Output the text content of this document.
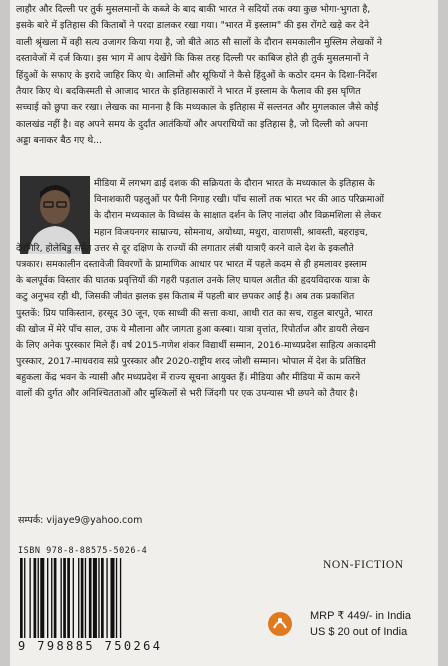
लाहौर और दिल्ली पर तुर्क मुसलमानों के कब्जे के बाद बाकी भारत ने सदियों तक क्या कुछ भोगा-भुगता है,
इसके बारे में इतिहास की किताबों ने परदा डालकर रखा गया। "भारत में इस्लाम" की इस रोंगटे खड़े कर देने
वाली श्रृंखला में वही सत्य उजागर किया गया है, जो बीते आठ सौ सालों के दौरान समकालीन मुस्लिम लेखकों ने
दस्तावेजों में दर्ज किया। इस भाग में आप देखेंगे कि किस तरह दिल्ली पर काबिज होते ही तुर्क मुसलमानों ने
हिंदुओं के सफाए के इरादे जाहिर किए थे। आलिमों और सूफियों ने कैसे हिंदुओं के कठोर दमन के दिशा-निर्देश
तैयार किए थे। बदकिस्मती से आजाद भारत के इतिहासकारों ने भारत में इस्लाम के फैलाव की इस घृणित
सच्चाई को छुपा कर रखा। लेखक का मानना है कि मध्यकाल के इतिहास में सल्तनत और मुगलकाल जैसे कोई
कालखंड नहीं है। वह अपने समय के दुर्दांत आतंकियों और अपराधियों का इतिहास है, जो दिल्ली को अपना
अड्डा बनाकर बैठ गए थे...
मीडिया में लगभग ढाई दशक की सक्रियता के दौरान भारत के मध्यकाल के इतिहास के
विनाशकारी पहलुओं पर पैनी निगाह रखी। पाँच सालों तक भारत भर की आठ परिक्रमाओं
के दौरान मध्यकाल के विध्वंस के साक्षात दर्शन के लिए नालंदा और विक्रमशिला से लेकर
महान विजयनगर साम्राज्य, सोमनाथ, अयोध्या, मथुरा, वाराणसी, श्रावस्ती, बहराइच,
देवगिरि, होलेबिडु समेत उत्तर से दूर दक्षिण के राज्यों की लगातार लंबी यात्राएँ करने वाले देश के इकलौते
पत्रकार। समकालीन दस्तावेजी विवरणों के प्रामाणिक आधार पर भारत में पहले कदम से ही हमलावर इस्लाम
के बलपूर्वक विस्तार की घातक प्रवृत्तियों की गहरी पड़ताल उनके लिए घायल अतीत की हृदयविदारक यात्रा के
कटु अनुभव रही थी, जिसकी जीवंत झलक इस किताब में पहली बार छपकर आई है। अब तक प्रकाशित
पुस्तकें: प्रिय पाकिस्तान, हरसूद 30 जून, एक साध्वी की सत्ता कथा, आधी रात का सच, राहुल बारपुते, भारत
की खोज में मेरे पाँच साल, उफ ये मौलाना और जागता हुआ कस्बा। यात्रा वृत्तांत, रिपोर्ताज और डायरी लेखन
के लिए अनेक पुरस्कार मिले हैं। वर्ष 2015-गणेश शंकर विद्यार्थी सम्मान, 2016-माध्यप्रदेश साहित्य अकादमी
पुरस्कार, 2017-माधवराव सप्रे पुरस्कार और 2020-राष्ट्रीय शरद जोशी सम्मान। भोपाल में देश के प्रतिष्ठित
बहुकला केंद्र भवन के न्यासी और मध्यप्रदेश में राज्य सूचना आयुक्त हैं। मीडिया और मीडिया में काम करने
वालों की दुर्गत और अनिश्चितताओं और मुश्किलों से भरी जिंदगी पर एक उपन्यास भी छपने को तैयार है।
सम्पर्क: vijaye9@yahoo.com
ISBN 978-8-88575-5026-4
9 798885 750264
NON-FICTION
MRP ₹ 449/- in India
US $ 20 out of India
